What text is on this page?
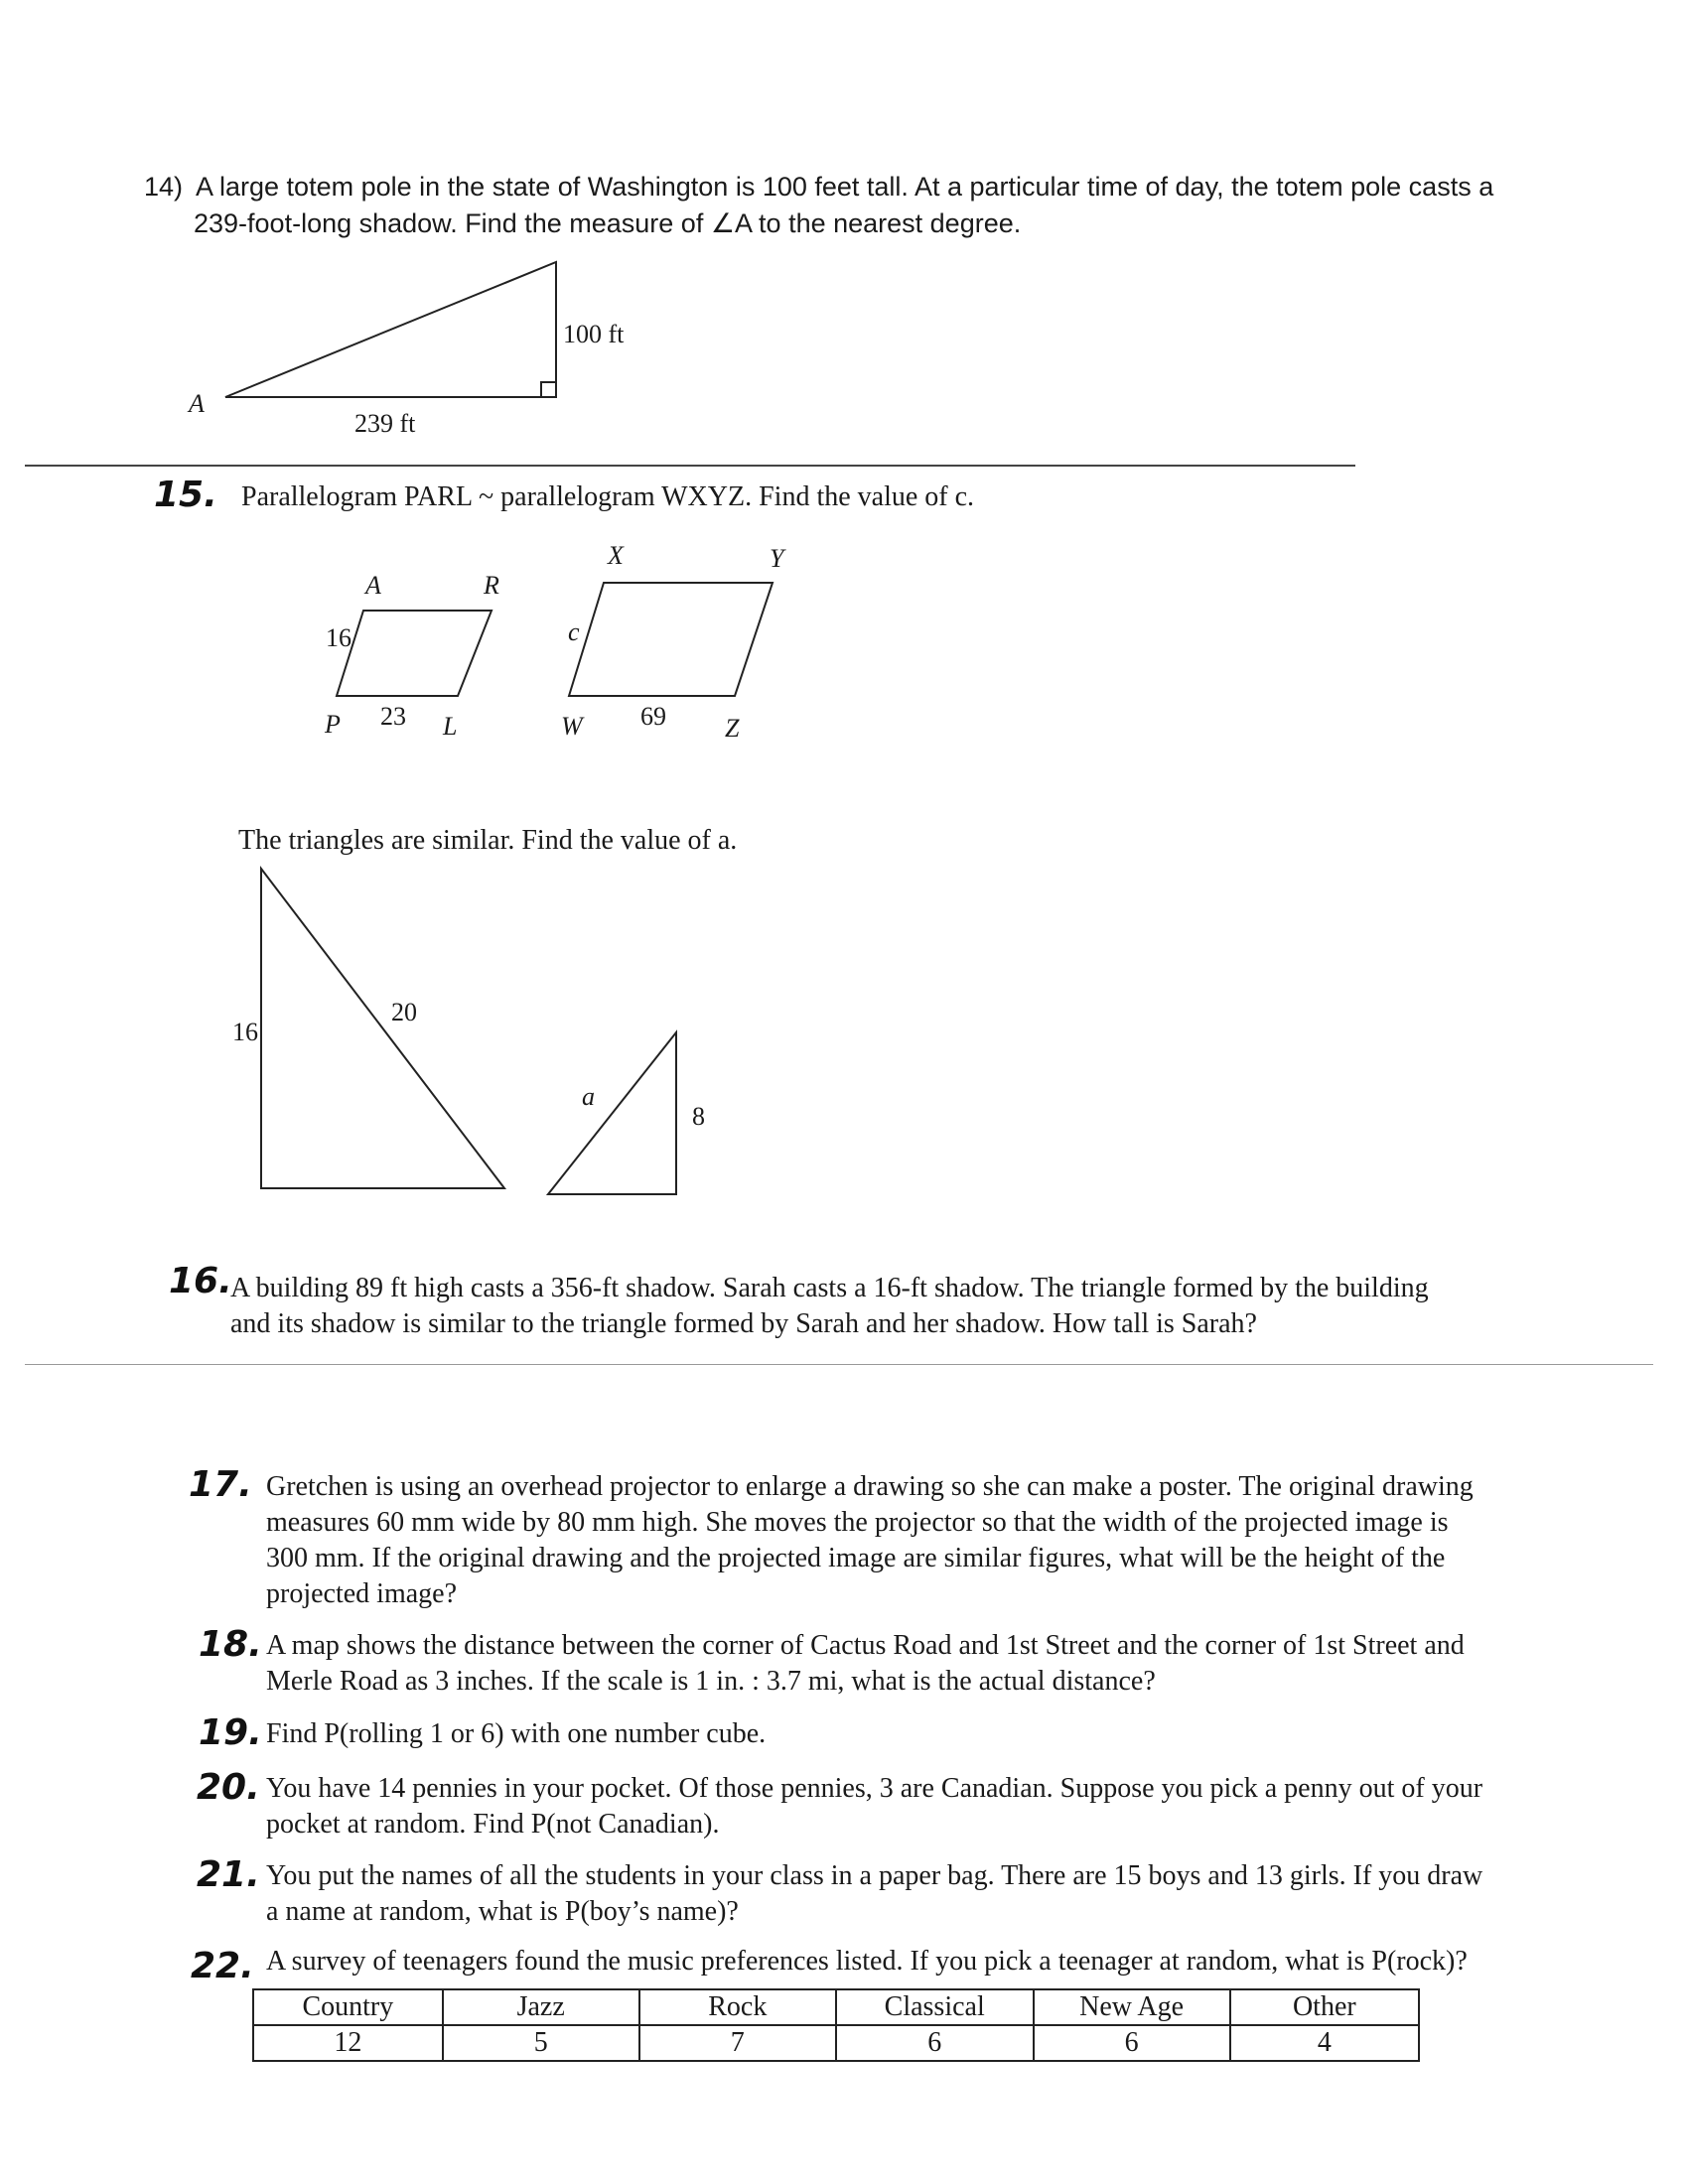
14) A large totem pole in the state of Washington is 100 feet tall. At a particular time of day, the totem pole casts a
239-foot-long shadow. Find the measure of ∠A to the nearest degree.
100 ft
239 ft
A
15. Parallelogram PARL ~ parallelogram WXYZ. Find the value of c.
A	R
P	L
16
23
X	Y
W	Z
c
69
The triangles are similar. Find the value of a.
16
20
a
8
16.
A building 89 ft high casts a 356-ft shadow. Sarah casts a 16-ft shadow. The triangle formed by the building
and its shadow is similar to the triangle formed by Sarah and her shadow. How tall is Sarah?
17. Gretchen is using an overhead projector to enlarge a drawing so she can make a poster. The original drawing
measures 60 mm wide by 80 mm high. She moves the projector so that the width of the projected image is
300 mm. If the original drawing and the projected image are similar figures, what will be the height of the
projected image?
18. A map shows the distance between the corner of Cactus Road and 1st Street and the corner of 1st Street and
Merle Road as 3 inches. If the scale is 1 in. : 3.7 mi, what is the actual distance?
19. Find P(rolling 1 or 6) with one number cube.
20. You have 14 pennies in your pocket. Of those pennies, 3 are Canadian. Suppose you pick a penny out of your
pocket at random. Find P(not Canadian).
21. You put the names of all the students in your class in a paper bag. There are 15 boys and 13 girls. If you draw
a name at random, what is P(boy’s name)?
22. A survey of teenagers found the music preferences listed. If you pick a teenager at random, what is P(rock)?
Country	Jazz	Rock	Classical	New Age	Other
12	5	7	6	6	4
